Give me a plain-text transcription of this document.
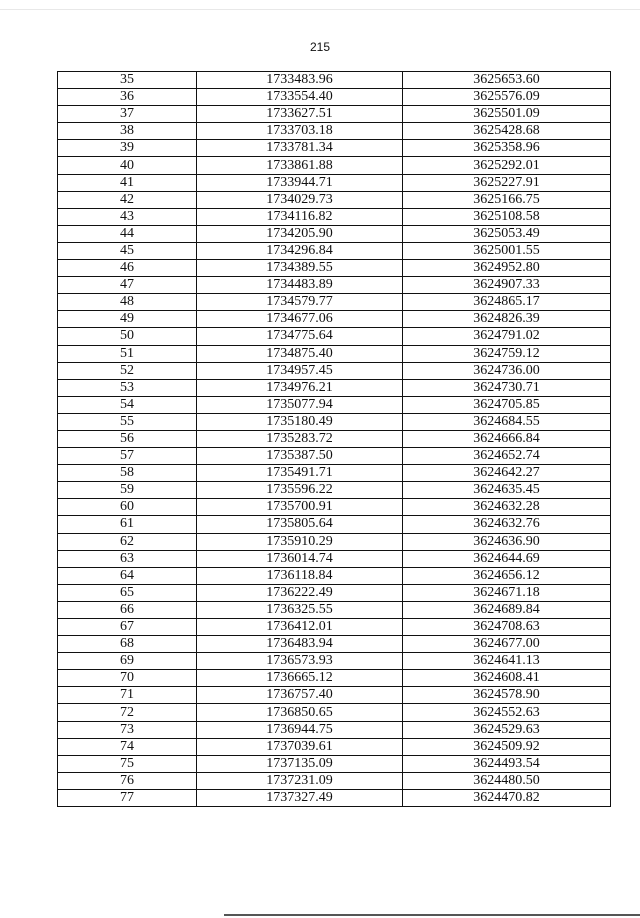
215
35	1733483.96	3625653.60
36	1733554.40	3625576.09
37	1733627.51	3625501.09
38	1733703.18	3625428.68
39	1733781.34	3625358.96
40	1733861.88	3625292.01
41	1733944.71	3625227.91
42	1734029.73	3625166.75
43	1734116.82	3625108.58
44	1734205.90	3625053.49
45	1734296.84	3625001.55
46	1734389.55	3624952.80
47	1734483.89	3624907.33
48	1734579.77	3624865.17
49	1734677.06	3624826.39
50	1734775.64	3624791.02
51	1734875.40	3624759.12
52	1734957.45	3624736.00
53	1734976.21	3624730.71
54	1735077.94	3624705.85
55	1735180.49	3624684.55
56	1735283.72	3624666.84
57	1735387.50	3624652.74
58	1735491.71	3624642.27
59	1735596.22	3624635.45
60	1735700.91	3624632.28
61	1735805.64	3624632.76
62	1735910.29	3624636.90
63	1736014.74	3624644.69
64	1736118.84	3624656.12
65	1736222.49	3624671.18
66	1736325.55	3624689.84
67	1736412.01	3624708.63
68	1736483.94	3624677.00
69	1736573.93	3624641.13
70	1736665.12	3624608.41
71	1736757.40	3624578.90
72	1736850.65	3624552.63
73	1736944.75	3624529.63
74	1737039.61	3624509.92
75	1737135.09	3624493.54
76	1737231.09	3624480.50
77	1737327.49	3624470.82
